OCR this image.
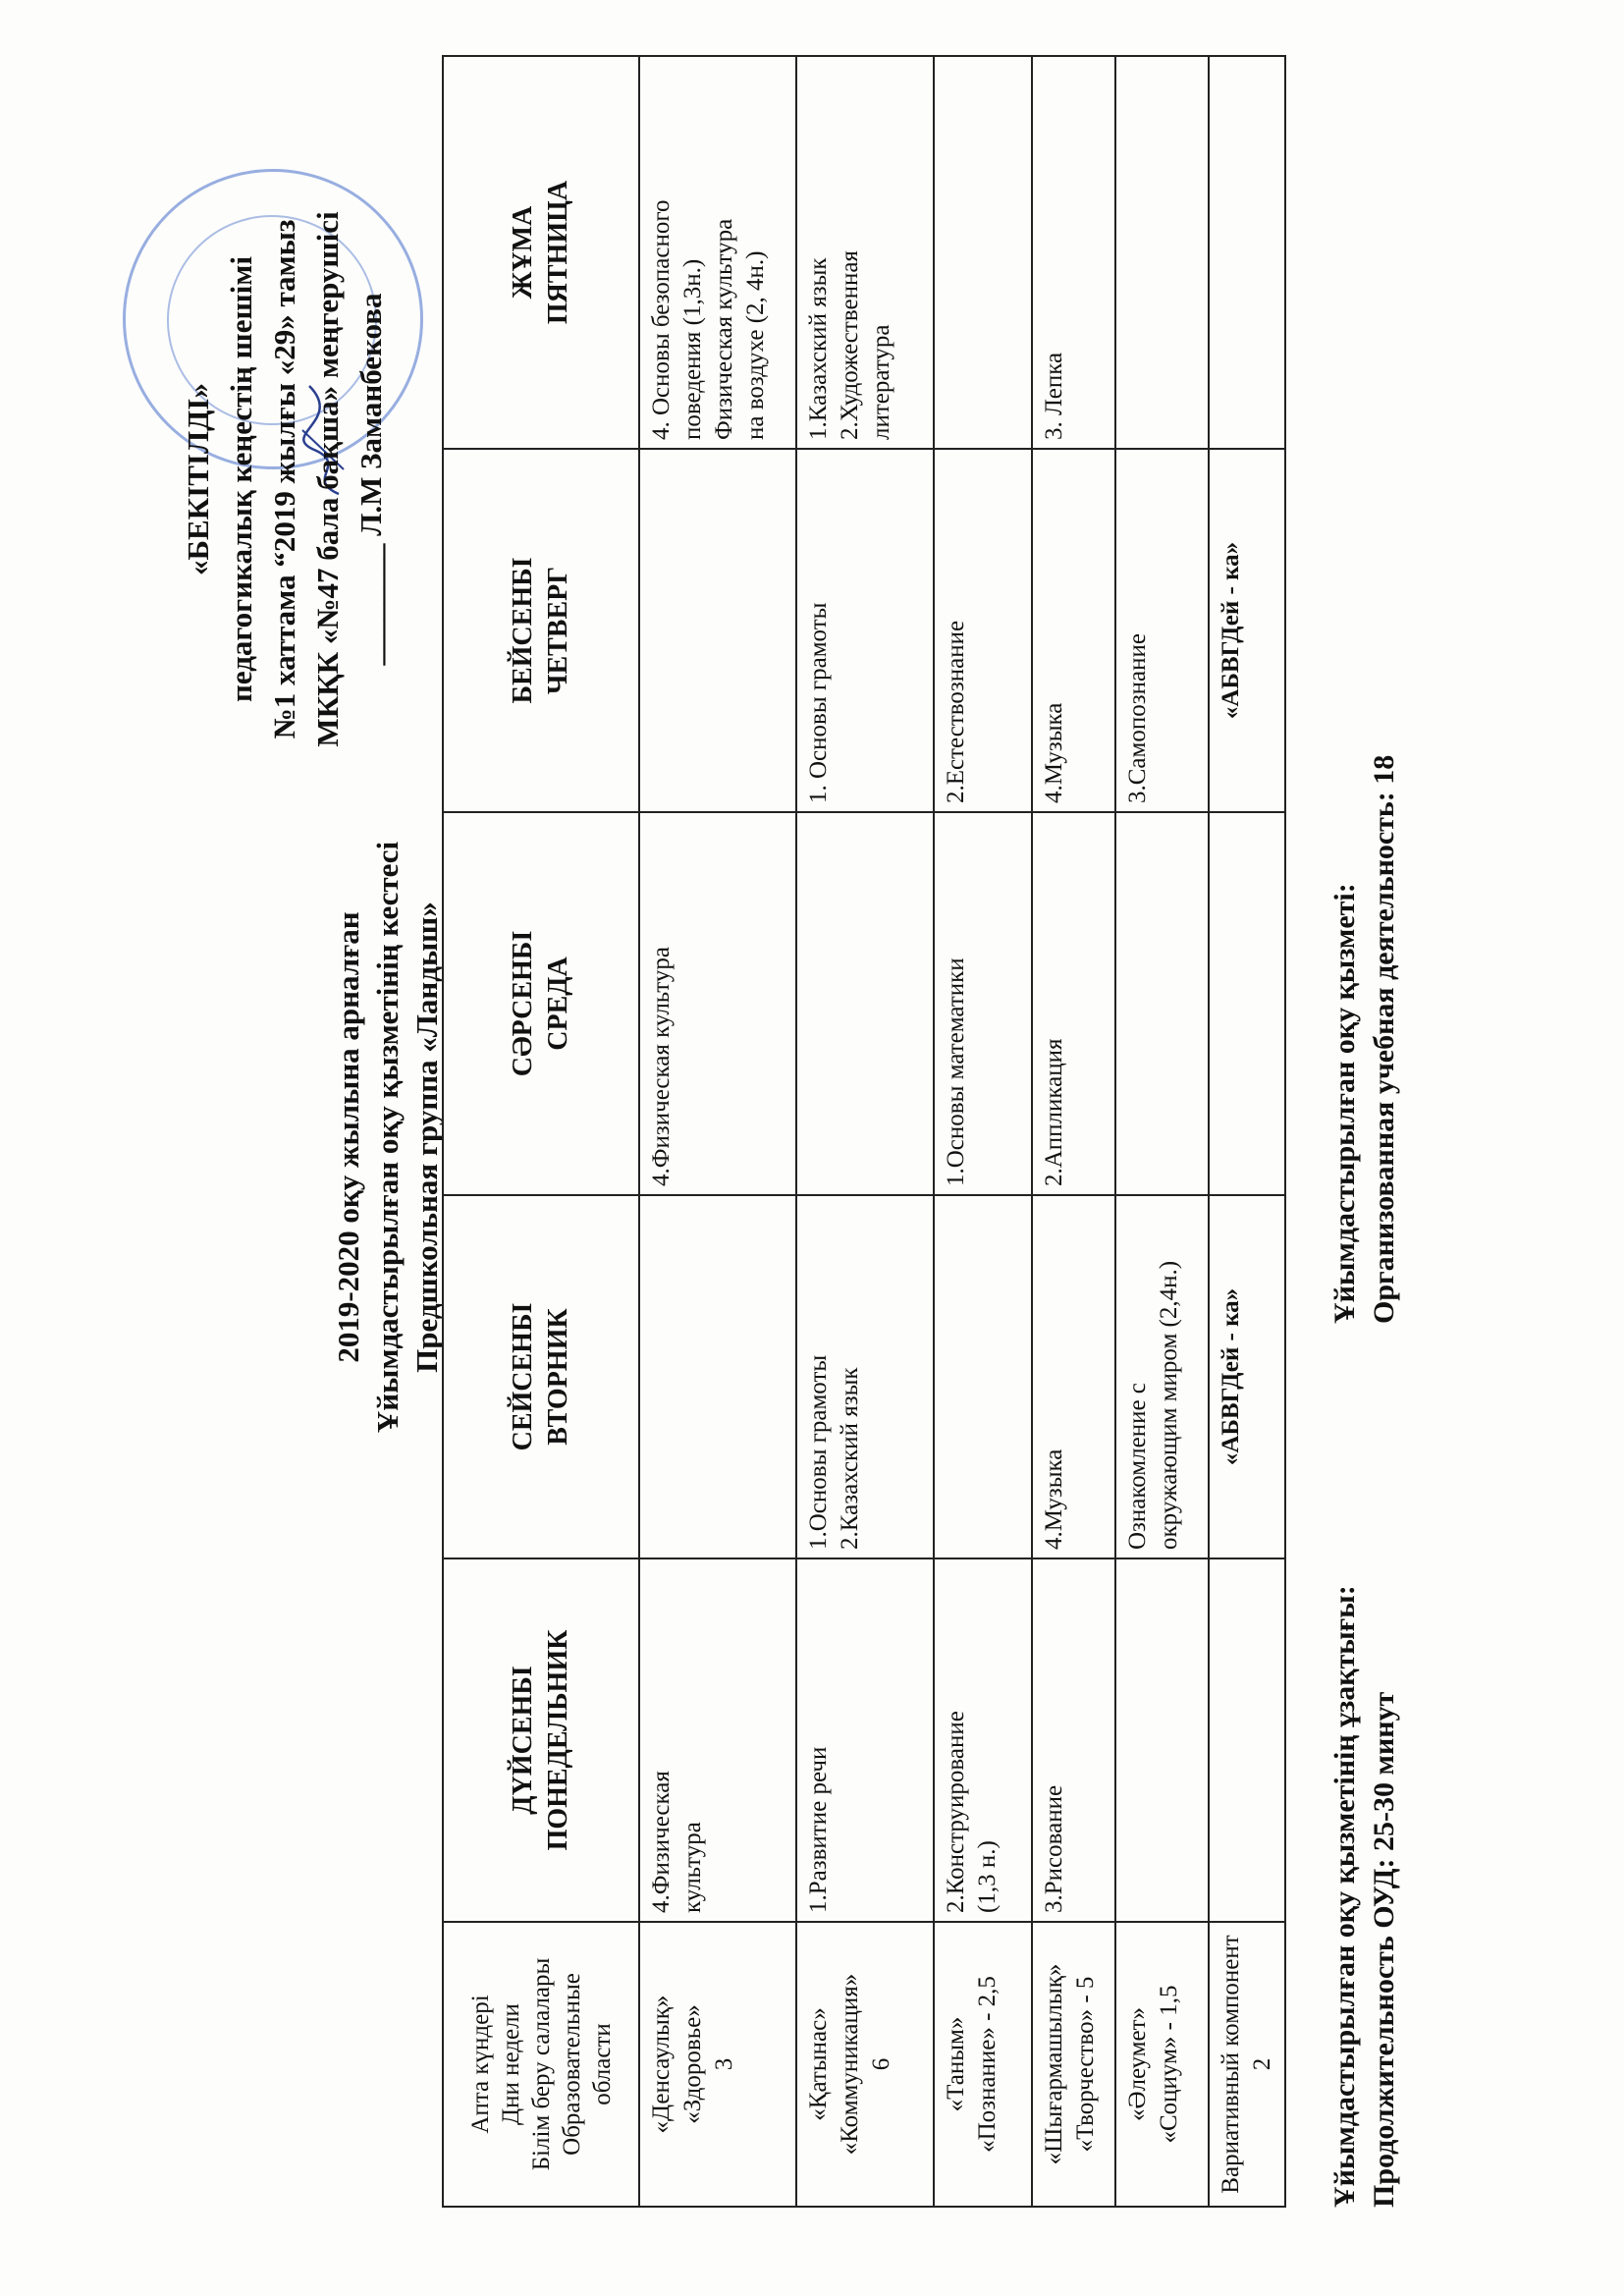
«БЕКІТІЛДІ» педагогикалық кеңестің шешімі №1 хаттама “2019 жылғы «29» тамыз МКҚК «№47 бала бақша» меңгерушісі ________ Л.М Заманбекова
2019-2020 оқу жылына арналған Ұйымдастырылған оқу қызметінің кестесі Предшкольная группа «Ландыш»
Апта күндері Дни недели Білім беру салалары Образовательные области	ДҮЙСЕНБІ ПОНЕДЕЛЬНИК	СЕЙСЕНБІ ВТОРНИК	СӘРСЕНБІ СРЕДА	БЕЙСЕНБІ ЧЕТВЕРГ	ЖҰМА ПЯТНИЦА

«Денсаулық» «Здоровье» 3	4.Физическая культура		4.Физическая культура		4. Основы безопасного поведения (1,3н.) Физическая культура на воздухе (2, 4н.)

«Қатынас» «Коммуникация» 6	1.Развитие речи	1.Основы грамоты 2.Казахский язык		1. Основы грамоты	1.Казахский язык 2.Художественная литература

«Таным» «Познание» - 2,5	2.Конструирование (1,3 н.)		1.Основы математики	2.Естествознание	

«Шығармашылық» «Творчество» - 5	3.Рисование	4.Музыка	2.Аппликация	4.Музыка	3. Лепка

«Әлеумет» «Социум» - 1,5		Ознакомление с окружающим миром (2,4н.)		3.Самопознание	

Вариативный компонент 2		«АБВГДей - ка»		«АБВГДей - ка»	

Ұйымдастырылған оқу қызметінің ұзақтығы:
Ұйымдастырылған оқу қызметі:
Продолжительность ОУД: 25-30 минут
Организованная учебная деятельность: 18
